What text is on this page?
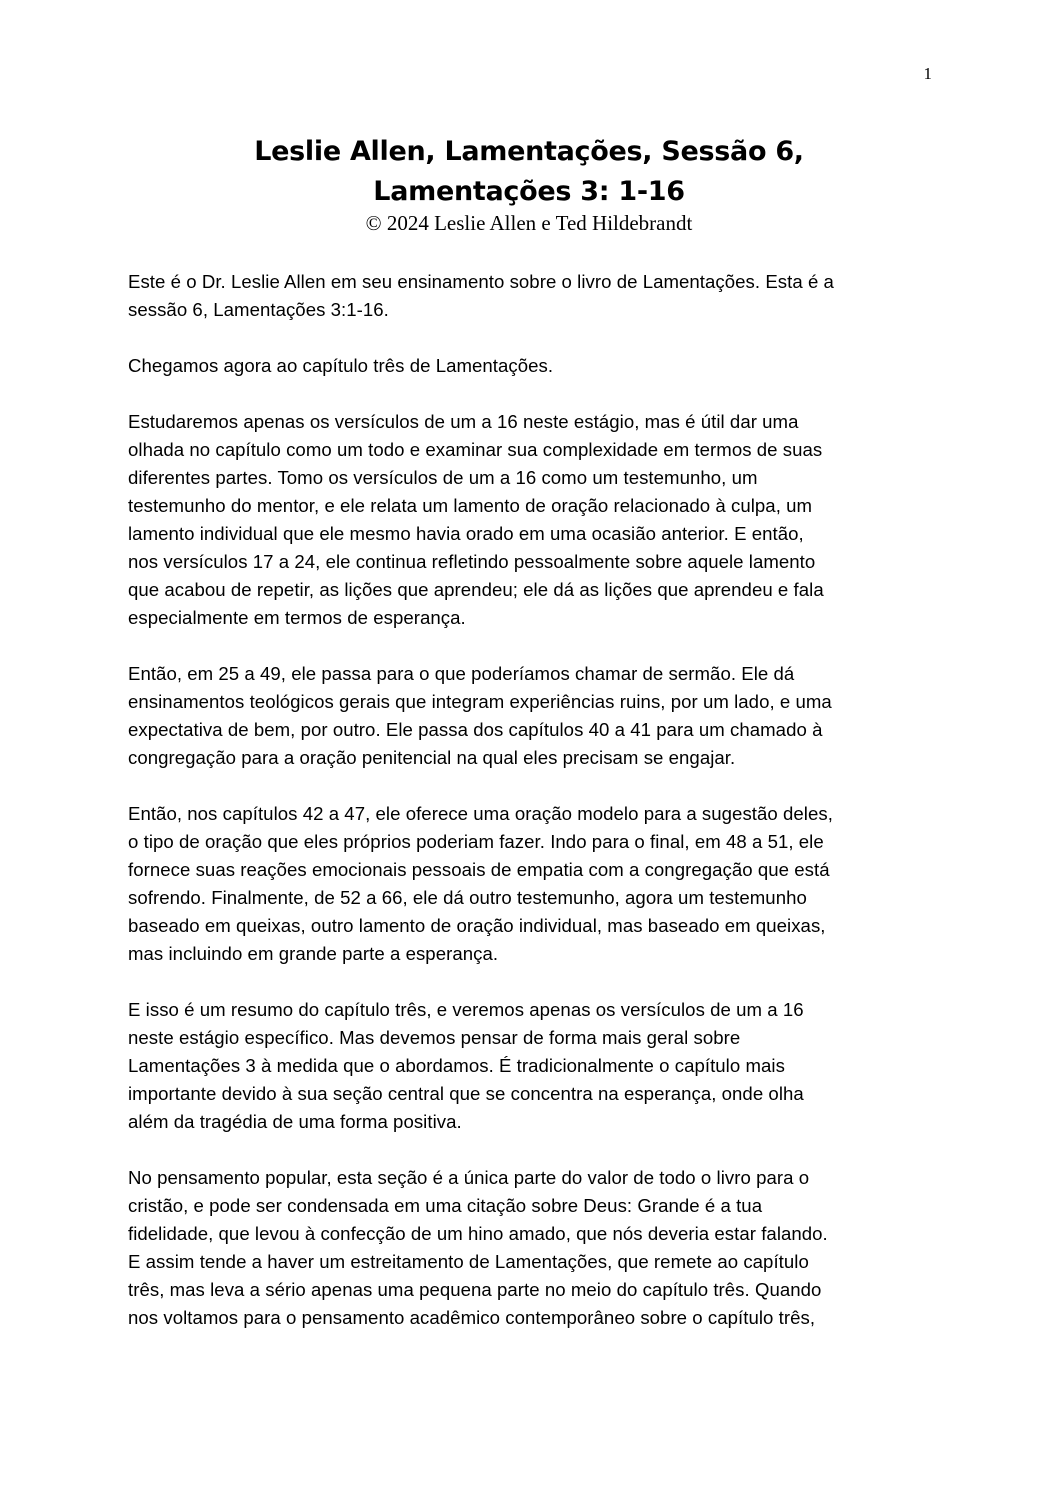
1
Leslie Allen, Lamentações, Sessão 6,
Lamentações 3: 1-16
© 2024 Leslie Allen e Ted Hildebrandt

Este é o Dr. Leslie Allen em seu ensinamento sobre o livro de Lamentações. Esta é a
sessão 6, Lamentações 3:1-16.

Chegamos agora ao capítulo três de Lamentações.

Estudaremos apenas os versículos de um a 16 neste estágio, mas é útil dar uma
olhada no capítulo como um todo e examinar sua complexidade em termos de suas
diferentes partes. Tomo os versículos de um a 16 como um testemunho, um
testemunho do mentor, e ele relata um lamento de oração relacionado à culpa, um
lamento individual que ele mesmo havia orado em uma ocasião anterior. E então,
nos versículos 17 a 24, ele continua refletindo pessoalmente sobre aquele lamento
que acabou de repetir, as lições que aprendeu; ele dá as lições que aprendeu e fala
especialmente em termos de esperança.

Então, em 25 a 49, ele passa para o que poderíamos chamar de sermão. Ele dá
ensinamentos teológicos gerais que integram experiências ruins, por um lado, e uma
expectativa de bem, por outro. Ele passa dos capítulos 40 a 41 para um chamado à
congregação para a oração penitencial na qual eles precisam se engajar.

Então, nos capítulos 42 a 47, ele oferece uma oração modelo para a sugestão deles,
o tipo de oração que eles próprios poderiam fazer. Indo para o final, em 48 a 51, ele
fornece suas reações emocionais pessoais de empatia com a congregação que está
sofrendo. Finalmente, de 52 a 66, ele dá outro testemunho, agora um testemunho
baseado em queixas, outro lamento de oração individual, mas baseado em queixas,
mas incluindo em grande parte a esperança.

E isso é um resumo do capítulo três, e veremos apenas os versículos de um a 16
neste estágio específico. Mas devemos pensar de forma mais geral sobre
Lamentações 3 à medida que o abordamos. É tradicionalmente o capítulo mais
importante devido à sua seção central que se concentra na esperança, onde olha
além da tragédia de uma forma positiva.

No pensamento popular, esta seção é a única parte do valor de todo o livro para o
cristão, e pode ser condensada em uma citação sobre Deus: Grande é a tua
fidelidade, que levou à confecção de um hino amado, que nós deveria estar falando.
E assim tende a haver um estreitamento de Lamentações, que remete ao capítulo
três, mas leva a sério apenas uma pequena parte no meio do capítulo três. Quando
nos voltamos para o pensamento acadêmico contemporâneo sobre o capítulo três,
